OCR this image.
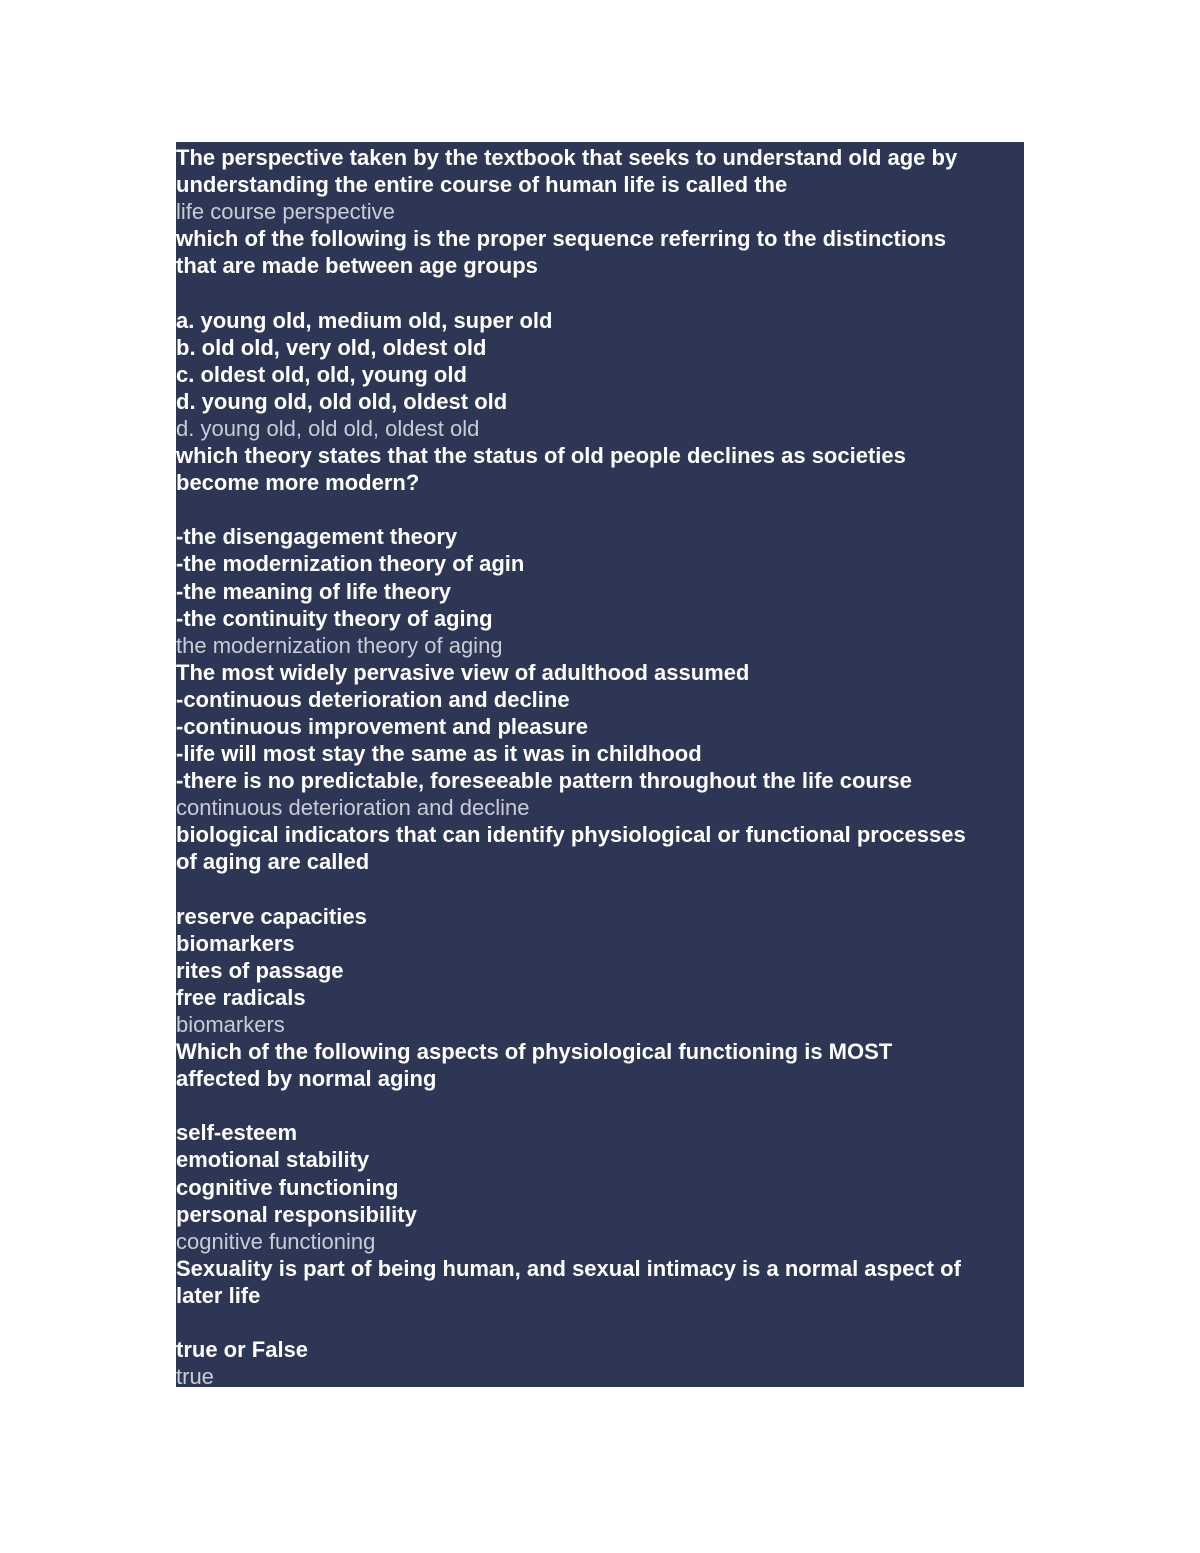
The perspective taken by the textbook that seeks to understand old age by
understanding the entire course of human life is called the
life course perspective
which of the following is the proper sequence referring to the distinctions
that are made between age groups
a. young old, medium old, super old
b. old old, very old, oldest old
c. oldest old, old, young old
d. young old, old old, oldest old
d. young old, old old, oldest old
which theory states that the status of old people declines as societies
become more modern?
-the disengagement theory
-the modernization theory of agin
-the meaning of life theory
-the continuity theory of aging
the modernization theory of aging
The most widely pervasive view of adulthood assumed
-continuous deterioration and decline
-continuous improvement and pleasure
-life will most stay the same as it was in childhood
-there is no predictable, foreseeable pattern throughout the life course
continuous deterioration and decline
biological indicators that can identify physiological or functional processes
of aging are called
reserve capacities
biomarkers
rites of passage
free radicals
biomarkers
Which of the following aspects of physiological functioning is MOST
affected by normal aging
self-esteem
emotional stability
cognitive functioning
personal responsibility
cognitive functioning
Sexuality is part of being human, and sexual intimacy is a normal aspect of
later life
true or False
true
